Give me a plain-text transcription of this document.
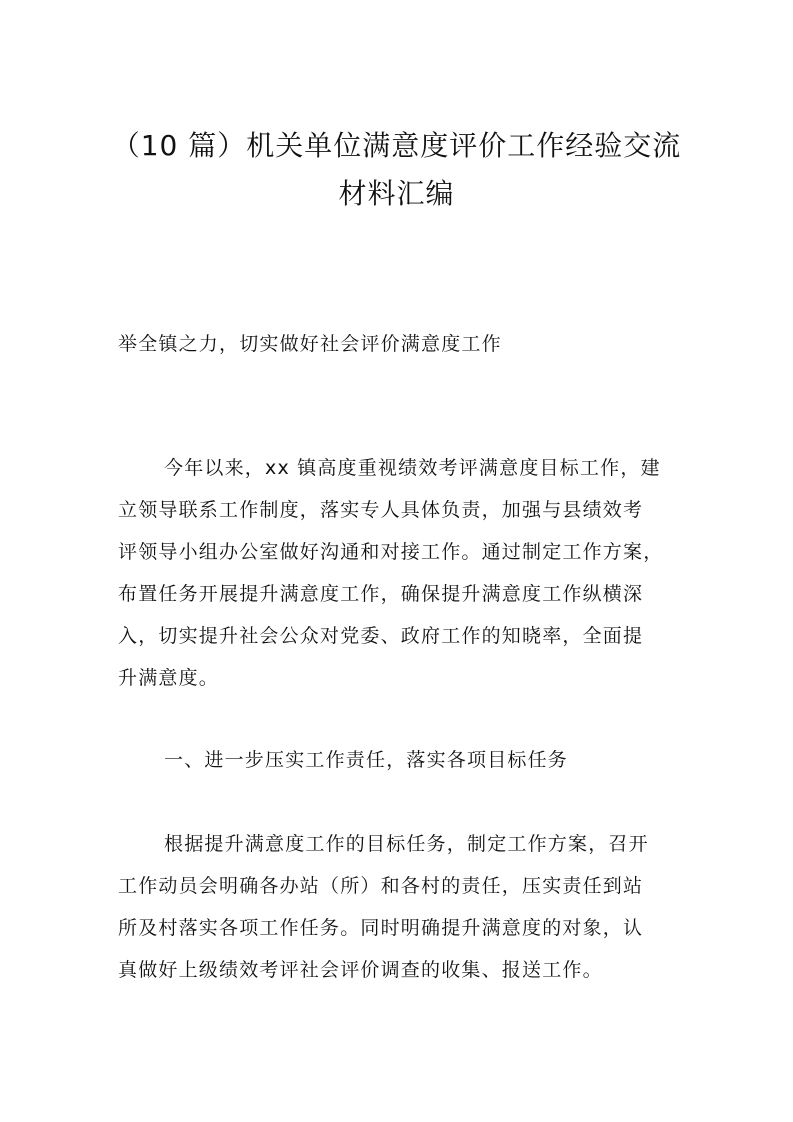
（10 篇）机关单位满意度评价工作经验交流
材料汇编

举全镇之力，切实做好社会评价满意度工作

今年以来，xx 镇高度重视绩效考评满意度目标工作，建

立领导联系工作制度，落实专人具体负责，加强与县绩效考

评领导小组办公室做好沟通和对接工作。通过制定工作方案，

布置任务开展提升满意度工作，确保提升满意度工作纵横深

入，切实提升社会公众对党委、政府工作的知晓率，全面提

升满意度。

一、进一步压实工作责任，落实各项目标任务

根据提升满意度工作的目标任务，制定工作方案，召开

工作动员会明确各办站（所）和各村的责任，压实责任到站

所及村落实各项工作任务。同时明确提升满意度的对象，认

真做好上级绩效考评社会评价调查的收集、报送工作。
